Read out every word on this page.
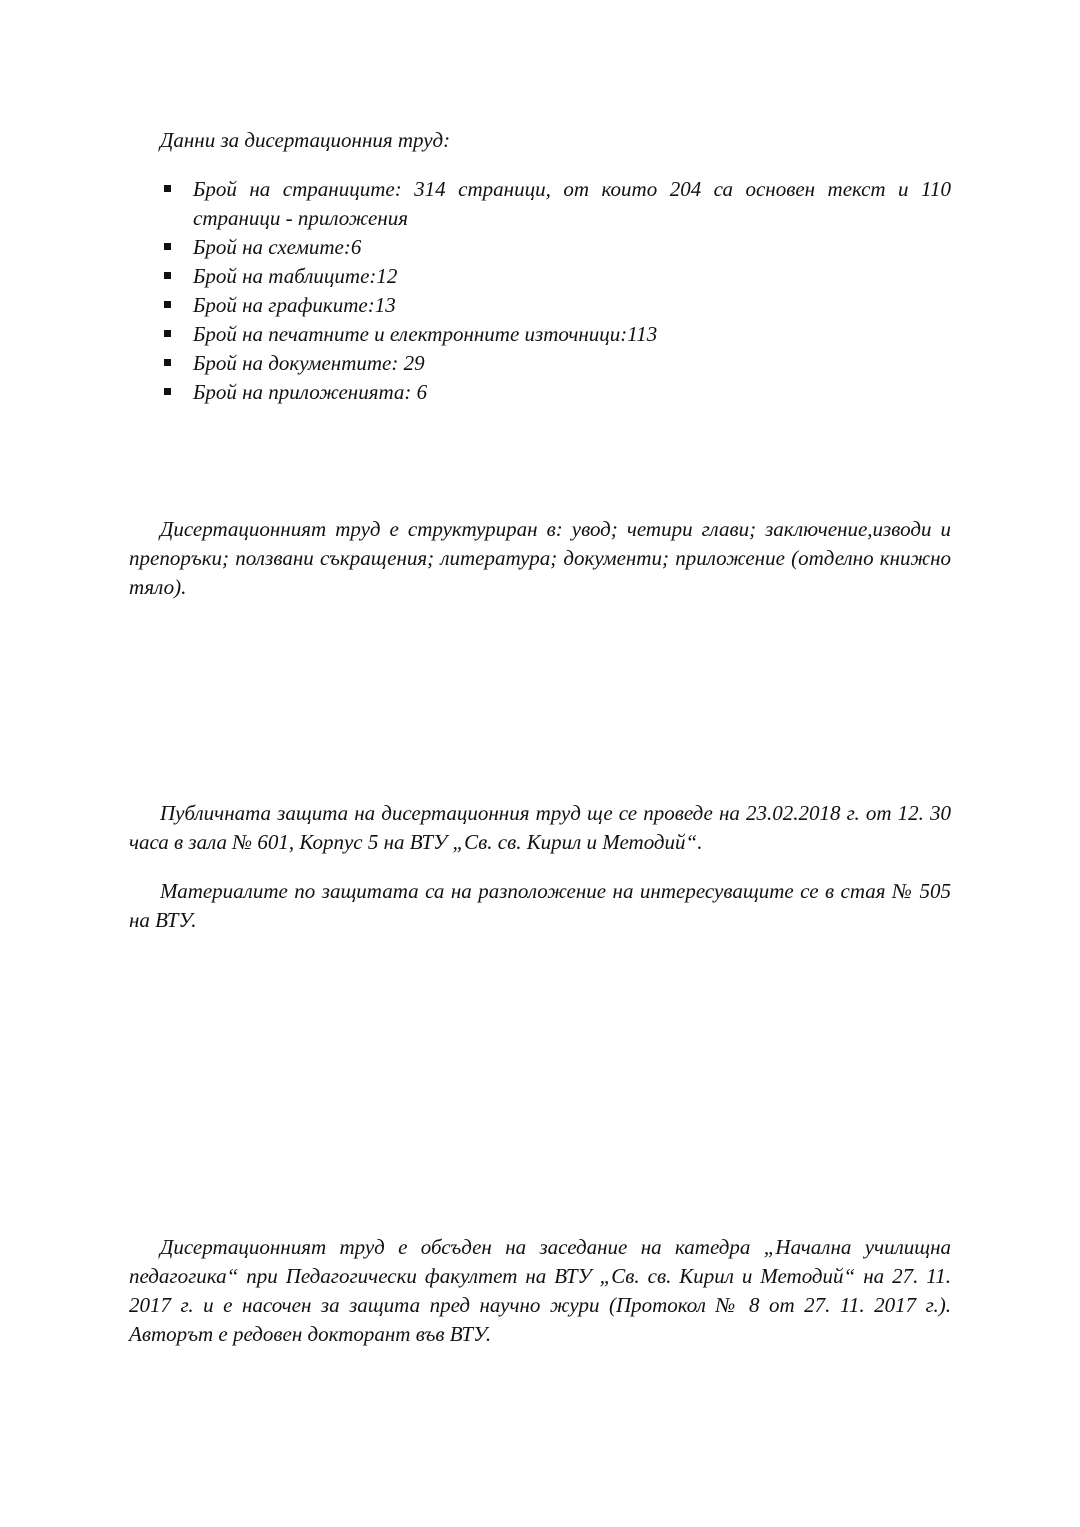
Данни за дисертационния труд:

Брой на страниците: 314 страници, от които 204 са основен текст и 110 страници - приложения
Брой на схемите:6
Брой на таблиците:12
Брой на графиките:13
Брой на печатните и електронните източници:113
Брой на документите: 29
Брой на приложенията: 6

Дисертационният труд е структуриран в: увод; четири глави; заключение,изводи и препоръки; ползвани съкращения; литература; документи; приложение (отделно книжно тяло).

Публичната защита на дисертационния труд ще се проведе на 23.02.2018 г. от 12. 30 часа в зала № 601, Корпус 5 на ВТУ „Св. св. Кирил и Методий“.

Материалите по защитата са на разположение на интересуващите се в стая № 505 на ВТУ.

Дисертационният труд е обсъден на заседание на катедра „Начална училищна педагогика“ при Педагогически факултет на ВТУ „Св. св. Кирил и Методий“ на 27. 11. 2017 г. и е насочен за защита пред научно жури (Протокол № 8 от 27. 11. 2017 г.). Авторът е редовен докторант във ВТУ.
